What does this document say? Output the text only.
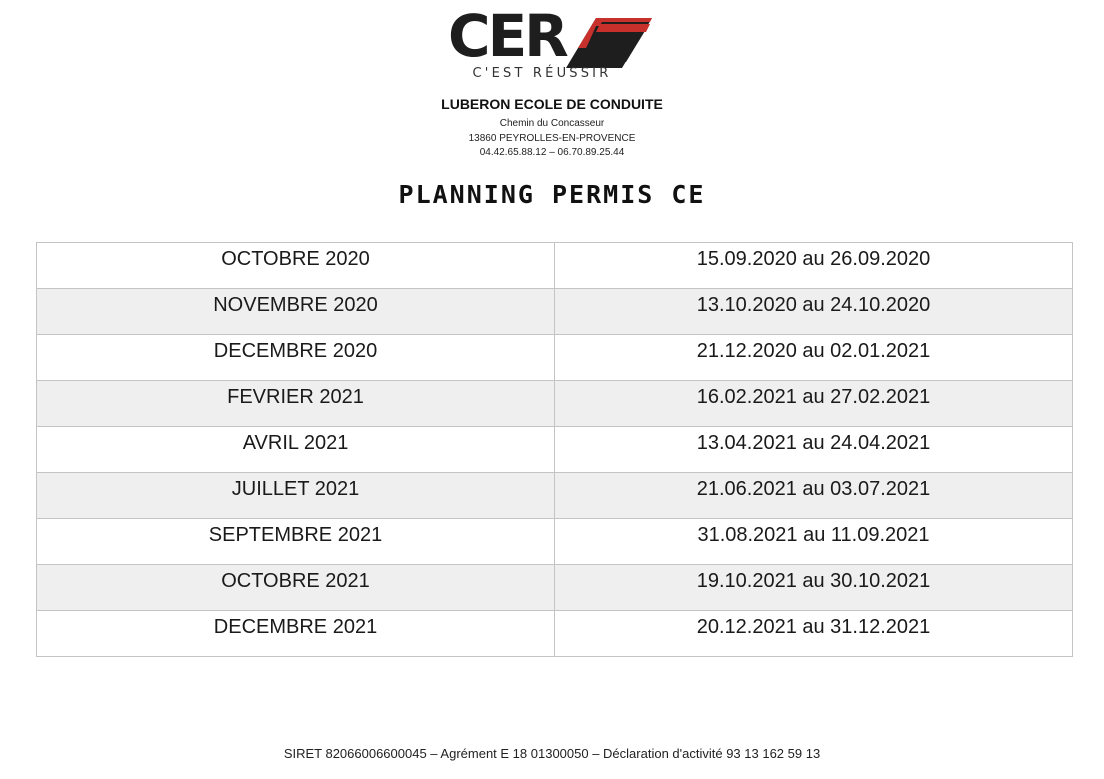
CER
C'EST RÉUSSIR
LUBERON ECOLE DE CONDUITE
Chemin du Concasseur
13860 PEYROLLES-EN-PROVENCE
04.42.65.88.12 – 06.70.89.25.44
PLANNING PERMIS CE
OCTOBRE 2020	15.09.2020 au 26.09.2020

NOVEMBRE 2020	13.10.2020 au 24.10.2020

DECEMBRE 2020	21.12.2020 au 02.01.2021

FEVRIER 2021	16.02.2021 au 27.02.2021

AVRIL 2021	13.04.2021 au 24.04.2021

JUILLET 2021	21.06.2021 au 03.07.2021

SEPTEMBRE 2021	31.08.2021 au 11.09.2021

OCTOBRE 2021	19.10.2021 au 30.10.2021

DECEMBRE 2021	20.12.2021 au 31.12.2021
SIRET 82066006600045 – Agrément E 18 01300050 – Déclaration d'activité 93 13 162 59 13
